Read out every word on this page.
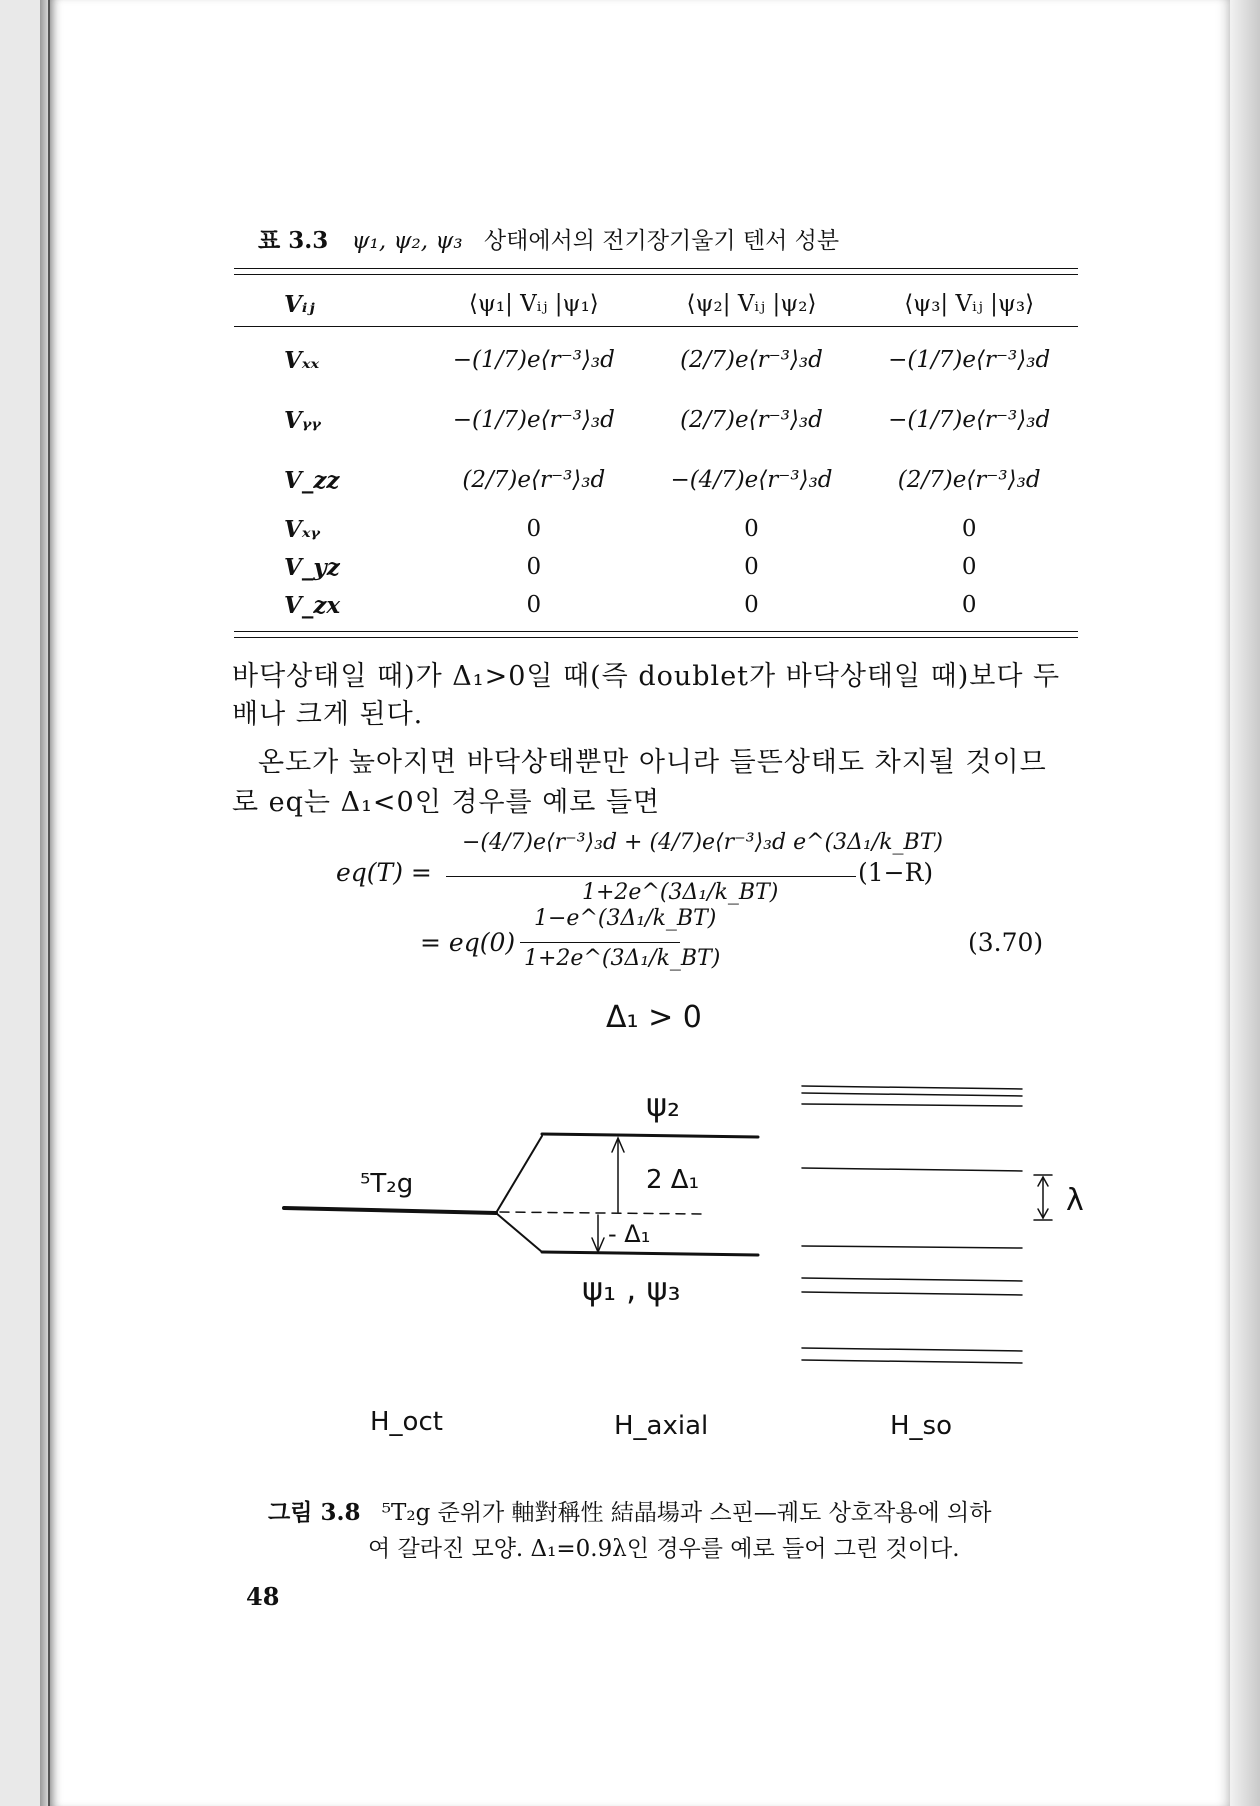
표 3.3 ψ₁, ψ₂, ψ₃ 상태에서의 전기장기울기 텐서 성분
Vᵢⱼ	⟨ψ₁| Vᵢⱼ |ψ₁⟩	⟨ψ₂| Vᵢⱼ |ψ₂⟩	⟨ψ₃| Vᵢⱼ |ψ₃⟩
Vₓₓ	−(1/7)e⟨r⁻³⟩₃d	(2/7)e⟨r⁻³⟩₃d	−(1/7)e⟨r⁻³⟩₃d
Vᵧᵧ	−(1/7)e⟨r⁻³⟩₃d	(2/7)e⟨r⁻³⟩₃d	−(1/7)e⟨r⁻³⟩₃d
V_zz	(2/7)e⟨r⁻³⟩₃d	−(4/7)e⟨r⁻³⟩₃d	(2/7)e⟨r⁻³⟩₃d
Vₓᵧ	0	0	0
V_yz	0	0	0
V_zx	0	0	0
바닥상태일 때)가 Δ₁>0일 때(즉 doublet가 바닥상태일 때)보다 두
배나 크게 된다.
온도가 높아지면 바닥상태뿐만 아니라 들뜬상태도 차지될 것이므
로 eq는 Δ₁<0인 경우를 예로 들면
eq(T) =
−(4/7)e⟨r⁻³⟩₃d + (4/7)e⟨r⁻³⟩₃d e^(3Δ₁/k_BT)
1+2e^(3Δ₁/k_BT)
(1−R)
= eq(0)
1−e^(3Δ₁/k_BT)
1+2e^(3Δ₁/k_BT)
(3.70)
Δ₁ > 0
⁵T₂g
ψ₂
2 Δ₁
- Δ₁
ψ₁ , ψ₃
λ
H_oct	H_axial	H_so
그림 3.8 ⁵T₂g 준위가 軸對稱性 結晶場과 스핀—궤도 상호작용에 의하
여 갈라진 모양. Δ₁=0.9λ인 경우를 예로 들어 그린 것이다.
48
